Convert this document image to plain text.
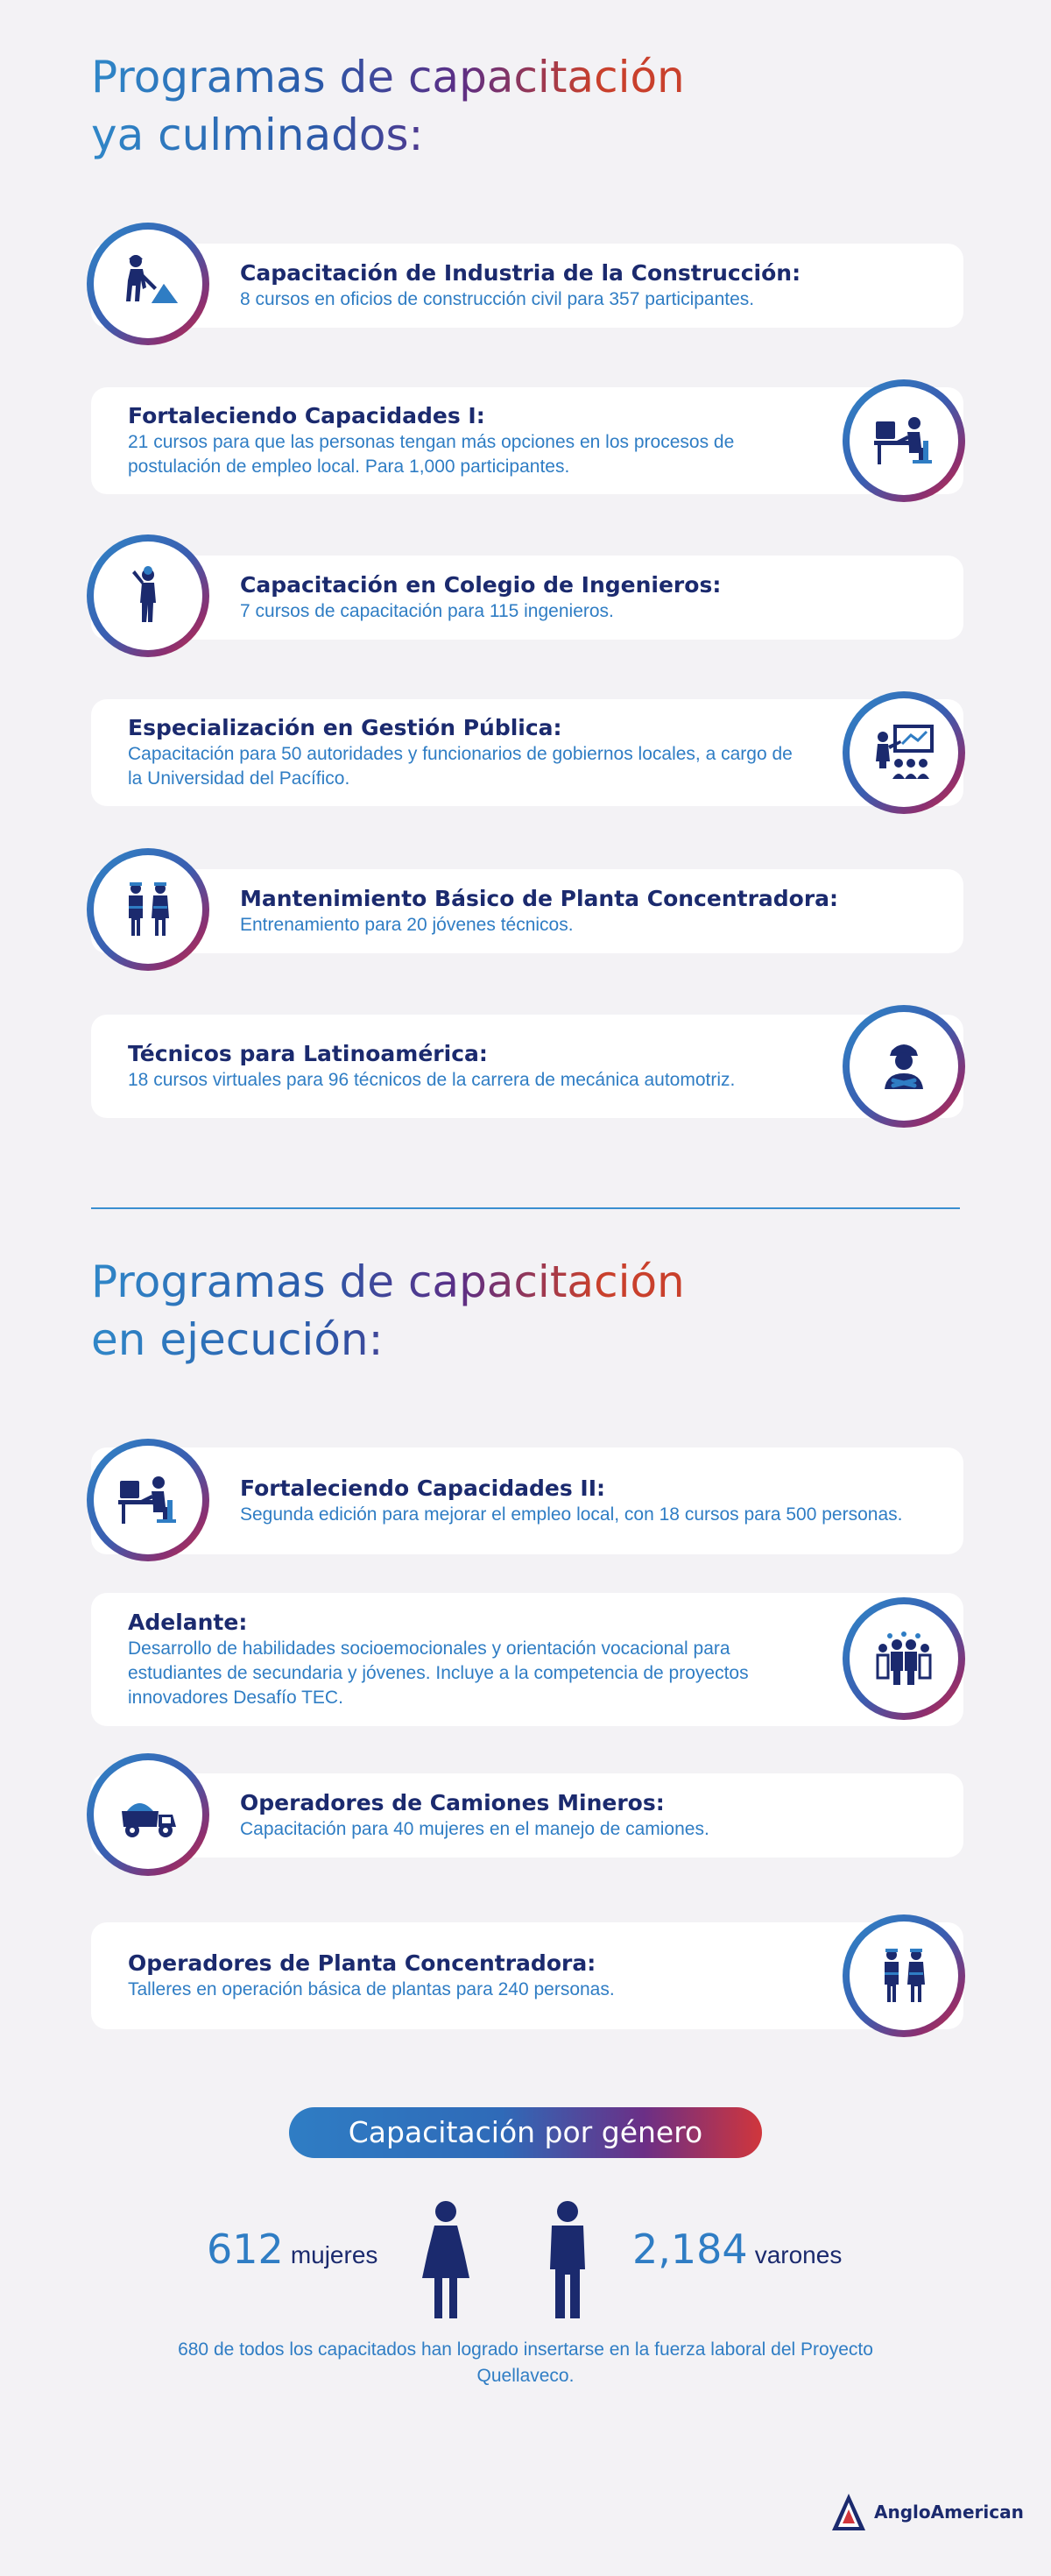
Programas de capacitación
ya culminados:
Capacitación de Industria de la Construcción:
8 cursos en oficios de construcción civil para 357 participantes.
Fortaleciendo Capacidades I:
21 cursos para que las personas tengan más opciones en los procesos de postulación de empleo local. Para 1,000 participantes.
Capacitación en Colegio de Ingenieros:
7 cursos de capacitación para 115 ingenieros.
Especialización en Gestión Pública:
Capacitación para 50 autoridades y funcionarios de gobiernos locales, a cargo de la Universidad del Pacífico.
Mantenimiento Básico de Planta Concentradora:
Entrenamiento para 20 jóvenes técnicos.
Técnicos para Latinoamérica:
18 cursos virtuales para 96 técnicos de la carrera de mecánica automotriz.
Programas de capacitación
en ejecución:
Fortaleciendo Capacidades II:
Segunda edición para mejorar el empleo local, con 18 cursos para 500 personas.
Adelante:
Desarrollo de habilidades socioemocionales y orientación vocacional para estudiantes de secundaria y jóvenes. Incluye a la competencia de proyectos innovadores Desafío TEC.
Operadores de Camiones Mineros:
Capacitación para 40 mujeres en el manejo de camiones.
Operadores de Planta Concentradora:
Talleres en operación básica de plantas para 240 personas.
Capacitación por género
612 mujeres	2,184 varones
680 de todos los capacitados han logrado insertarse en la fuerza laboral del Proyecto Quellaveco.
AngloAmerican
